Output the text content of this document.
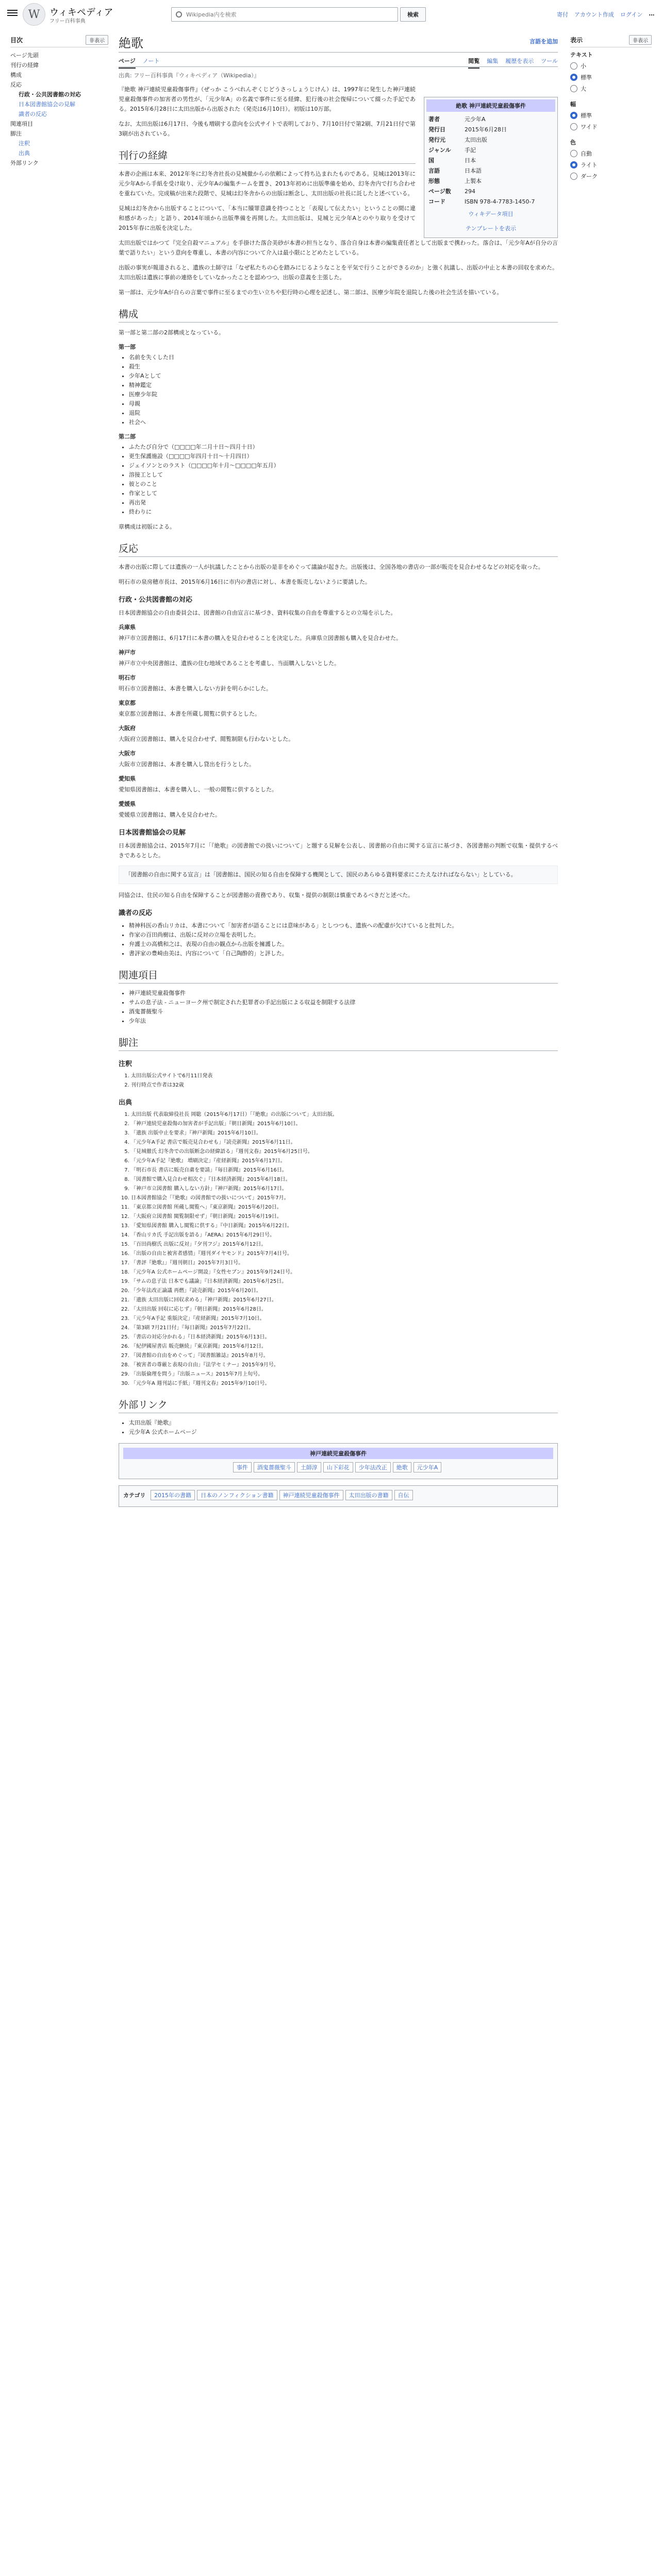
W	ウィキペディア
フリー百科事典
Wikipedia内を検索
検索	寄付 アカウント作成 ログイン …
目次	非表示
ページ先頭
刊行の経緯
構成
反応
行政・公共図書館の対応
日本図書館協会の見解
識者の反応
関連項目
脚注
注釈
出典
外部リンク
絶歌	言語を追加
ページ ノート	閲覧 編集 履歴を表示 ツール
出典: フリー百科事典『ウィキペディア（Wikipedia）』

『絶歌 神戸連続児童殺傷事件』（ぜっか こうべれんぞくじどうさっしょうじけん）は、1997年に発生した神戸連続児童殺傷事件の加害者の男性が、「元少年A」の名義で事件に至る経緯、犯行後の社会復帰について綴った手記である。2015年6月28日に太田出版から出版された（発売は6月10日）。初版は10万部。

なお、太田出版は6月17日、今後も増刷する意向を公式サイトで表明しており、7月10日付で第2刷、7月21日付で第3刷が出されている。

刊行の経緯

本書の企画は本来、2012年冬に幻冬舎社長の見城徹からの依頼によって持ち込まれたものである。見城は2013年に元少年Aから手紙を受け取り、元少年Aの編集チームを置き、2013年初めに出版準備を始め、幻冬舎内で打ち合わせを重ねていた。完成稿が出来た段階で、見城は幻冬舎からの出版は断念し、太田出版の社長に託したと述べている。

見城は幻冬舎から出版することについて、「本当に贖罪意識を持つことと「表現して伝えたい」ということの間に違和感があった」と語り、2014年頃から出版準備を再開した。太田出版は、見城と元少年Aとのやり取りを受けて2015年春に出版を決定した。

太田出版ではかつて『完全自殺マニュアル』を手掛けた落合美砂が本書の担当となり、落合自身は本書の編集責任者として出版まで携わった。落合は、「元少年Aが自分の言葉で語りたい」という意向を尊重し、本書の内容について介入は最小限にとどめたとしている。

出版の事実が報道されると、遺族の土師守は「なぜ私たちの心を踏みにじるようなことを平気で行うことができるのか」と強く抗議し、出版の中止と本書の回収を求めた。太田出版は遺族に事前の連絡をしていなかったことを認めつつ、出版の意義を主張した。

第一部は、元少年Aが自らの言葉で事件に至るまでの生い立ちや犯行時の心理を記述し、第二部は、医療少年院を退院した後の社会生活を描いている。

構成

第一部と第二部の2部構成となっている。

第一部
• 名前を失くした日
• 殺生
• 少年Aとして
• 精神鑑定
• 医療少年院
• 母親
• 退院
• 社会へ
第二部
• ふたたび自分で（□□□□年二月十日～四月十日）
• 更生保護施設（□□□□年四月十日～十月四日）
• ジェイソンとのラスト（□□□□年十月～□□□□年五月）
• 溶接工として
• 彼とのこと
• 作家として
• 再出発
• 終わりに

章構成は初版による。

反応

本書の出版に際しては遺族の一人が抗議したことから出版の是非をめぐって議論が起きた。出版後は、全国各地の書店の一部が販売を見合わせるなどの対応を取った。

明石市の泉房穂市長は、2015年6月16日に市内の書店に対し、本書を販売しないように要請した。

行政・公共図書館の対応

日本図書館協会の自由委員会は、図書館の自由宣言に基づき、資料収集の自由を尊重するとの立場を示した。

兵庫県

神戸市立図書館は、6月17日に本書の購入を見合わせることを決定した。兵庫県立図書館も購入を見合わせた。

神戸市

神戸市立中央図書館は、遺族の住む地域であることを考慮し、当面購入しないとした。

明石市

明石市立図書館は、本書を購入しない方針を明らかにした。

東京都

東京都立図書館は、本書を所蔵し閲覧に供するとした。

大阪府

大阪府立図書館は、購入を見合わせず、閲覧制限も行わないとした。

大阪市

大阪市立図書館は、本書を購入し貸出を行うとした。

愛知県

愛知県図書館は、本書を購入し、一般の閲覧に供するとした。

愛媛県

愛媛県立図書館は、購入を見合わせた。

日本図書館協会の見解

日本図書館協会は、2015年7月に「『絶歌』の図書館での扱いについて」と題する見解を公表し、図書館の自由に関する宣言に基づき、各図書館の判断で収集・提供するべきであるとした。

「図書館の自由に関する宣言」は「図書館は、国民の知る自由を保障する機関として、国民のあらゆる資料要求にこたえなければならない」としている。

同協会は、住民の知る自由を保障することが図書館の責務であり、収集・提供の制限は慎重であるべきだと述べた。

識者の反応
• 精神科医の香山リカは、本書について「加害者が語ることには意味がある」としつつも、遺族への配慮が欠けていると批判した。
• 作家の百田尚樹は、出版に反対の立場を表明した。
• 弁護士の高橋和之は、表現の自由の観点から出版を擁護した。
• 書評家の豊崎由美は、内容について「自己陶酔的」と評した。
関連項目
• 神戸連続児童殺傷事件
• サムの息子法 - ニューヨーク州で制定された犯罪者の手記出版による収益を制限する法律
• 酒鬼薔薇聖斗
• 少年法
脚注
注釈
1. 太田出版公式サイトで6月11日発表
2. 刊行時点で作者は32歳
出典
1. 太田出版 代表取締役社長 岡聡（2015年6月17日）「『絶歌』の出版について」太田出版。
2. 「神戸連続児童殺傷の加害者が手記出版」『朝日新聞』2015年6月10日。
3. 「遺族 出版中止を要求」『神戸新聞』2015年6月10日。
4. 「元少年A手記 書店で販売見合わせも」『読売新聞』2015年6月11日。
5. 「見城徹氏 幻冬舎での出版断念の経緯語る」『週刊文春』2015年6月25日号。
6. 「元少年A手記『絶歌』 増刷決定」『産経新聞』2015年6月17日。
7. 「明石市長 書店に販売自粛を要請」『毎日新聞』2015年6月16日。
8. 「図書館で購入見合わせ相次ぐ」『日本経済新聞』2015年6月18日。
9. 「神戸市立図書館 購入しない方針」『神戸新聞』2015年6月17日。
10. 日本図書館協会「『絶歌』の図書館での扱いについて」2015年7月。
11. 「東京都立図書館 所蔵し閲覧へ」『東京新聞』2015年6月20日。
12. 「大阪府立図書館 閲覧制限せず」『朝日新聞』2015年6月19日。
13. 「愛知県図書館 購入し閲覧に供する」『中日新聞』2015年6月22日。
14. 「香山リカ氏 手記出版を語る」『AERA』2015年6月29日号。
15. 「百田尚樹氏 出版に反対」『夕刊フジ』2015年6月12日。
16. 「出版の自由と被害者感情」『週刊ダイヤモンド』2015年7月4日号。
17. 「書評『絶歌』」『週刊朝日』2015年7月3日号。
18. 「元少年A 公式ホームページ開設」『女性セブン』2015年9月24日号。
19. 「サムの息子法 日本でも議論」『日本経済新聞』2015年6月25日。
20. 「少年法改正論議 再燃」『読売新聞』2015年6月20日。
21. 「遺族 太田出版に回収求める」『神戸新聞』2015年6月27日。
22. 「太田出版 回収に応じず」『朝日新聞』2015年6月28日。
23. 「元少年A手記 重版決定」『産経新聞』2015年7月10日。
24. 「第3刷 7月21日付」『毎日新聞』2015年7月22日。
25. 「書店の対応分かれる」『日本経済新聞』2015年6月13日。
26. 「紀伊國屋書店 販売継続」『東京新聞』2015年6月12日。
27. 「図書館の自由をめぐって」『図書館雑誌』2015年8月号。
28. 「被害者の尊厳と表現の自由」『法学セミナー』2015年9月号。
29. 「出版倫理を問う」『出版ニュース』2015年7月上旬号。
30. 「元少年A 週刊誌に手紙」『週刊文春』2015年9月10日号。
外部リンク
• 太田出版『絶歌』
• 元少年A 公式ホームページ
神戸連続児童殺傷事件
事件 酒鬼薔薇聖斗 土師淳 山下彩花 少年法改正 絶歌 元少年A
カテゴリ 2015年の書籍 日本のノンフィクション書籍 神戸連続児童殺傷事件 太田出版の書籍 自伝
絶歌 神戸連続児童殺傷事件
著者	元少年A
発行日	2015年6月28日
発行元	太田出版
ジャンル	手記
国	日本
言語	日本語
形態	上製本
ページ数	294
コード	ISBN 978-4-7783-1450-7
ウィキデータ項目
テンプレートを表示
表示	非表示
テキスト
小
標準
大
幅
標準
ワイド
色
自動
ライト
ダーク
